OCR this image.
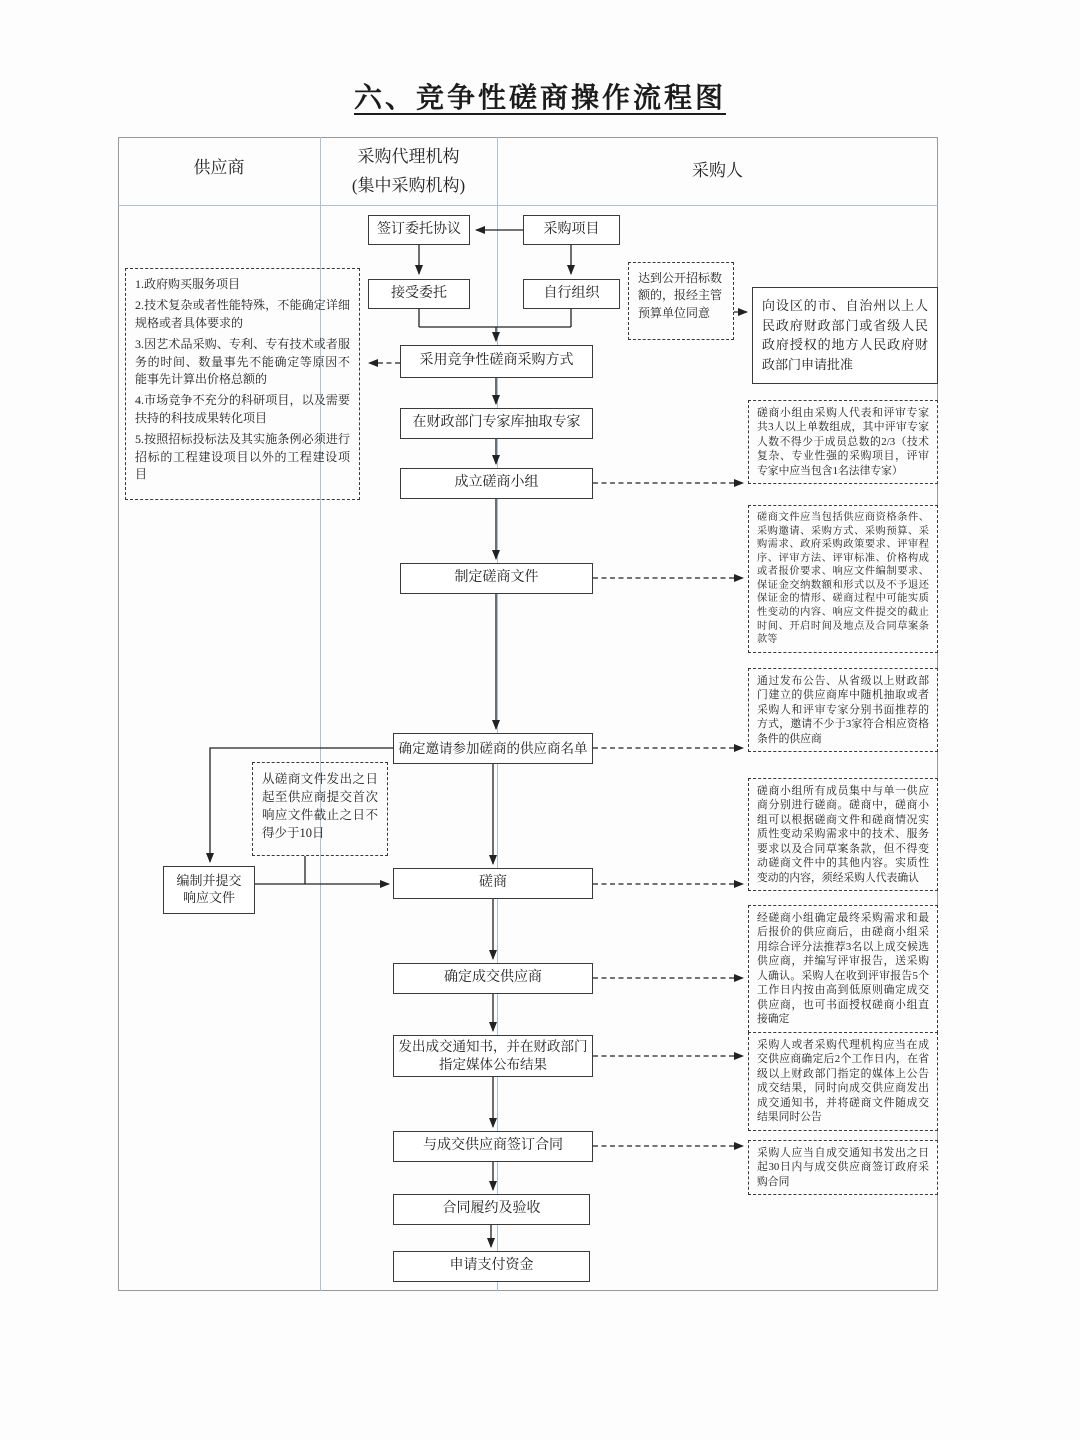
六、竞争性磋商操作流程图
供应商
采购代理机构
(集中采购机构)
采购人
签订委托协议	采购项目
接受委托	自行组织
采用竞争性磋商采购方式
在财政部门专家库抽取专家
成立磋商小组
制定磋商文件
确定邀请参加磋商的供应商名单
磋商
确定成交供应商
发出成交通知书，并在财政部门指定媒体公布结果
与成交供应商签订合同
合同履约及验收
申请支付资金
编制并提交
响应文件
向设区的市、自治州以上人民政府财政部门或省级人民政府授权的地方人民政府财政部门申请批准

1.政府购买服务项目

2.技术复杂或者性能特殊，不能确定详细规格或者具体要求的

3.因艺术品采购、专利、专有技术或者服务的时间、数量事先不能确定等原因不能事先计算出价格总额的

4.市场竞争不充分的科研项目，以及需要扶持的科技成果转化项目

5.按照招标投标法及其实施条例必须进行招标的工程建设项目以外的工程建设项目

达到公开招标数额的，报经主管预算单位同意
从磋商文件发出之日起至供应商提交首次响应文件截止之日不得少于10日
磋商小组由采购人代表和评审专家共3人以上单数组成，其中评审专家人数不得少于成员总数的2/3（技术复杂、专业性强的采购项目，评审专家中应当包含1名法律专家）
磋商文件应当包括供应商资格条件、采购邀请、采购方式、采购预算、采购需求、政府采购政策要求、评审程序、评审方法、评审标准、价格构成或者报价要求、响应文件编制要求、保证金交纳数额和形式以及不予退还保证金的情形、磋商过程中可能实质性变动的内容、响应文件提交的截止时间、开启时间及地点及合同草案条款等
通过发布公告、从省级以上财政部门建立的供应商库中随机抽取或者采购人和评审专家分别书面推荐的方式，邀请不少于3家符合相应资格条件的供应商
磋商小组所有成员集中与单一供应商分别进行磋商。磋商中，磋商小组可以根据磋商文件和磋商情况实质性变动采购需求中的技术、服务要求以及合同草案条款，但不得变动磋商文件中的其他内容。实质性变动的内容，须经采购人代表确认
经磋商小组确定最终采购需求和最后报价的供应商后，由磋商小组采用综合评分法推荐3名以上成交候选供应商，并编写评审报告，送采购人确认。采购人在收到评审报告5个工作日内按由高到低原则确定成交供应商，也可书面授权磋商小组直接确定
采购人或者采购代理机构应当在成交供应商确定后2个工作日内，在省级以上财政部门指定的媒体上公告成交结果，同时向成交供应商发出成交通知书，并将磋商文件随成交结果同时公告
采购人应当自成交通知书发出之日起30日内与成交供应商签订政府采购合同
